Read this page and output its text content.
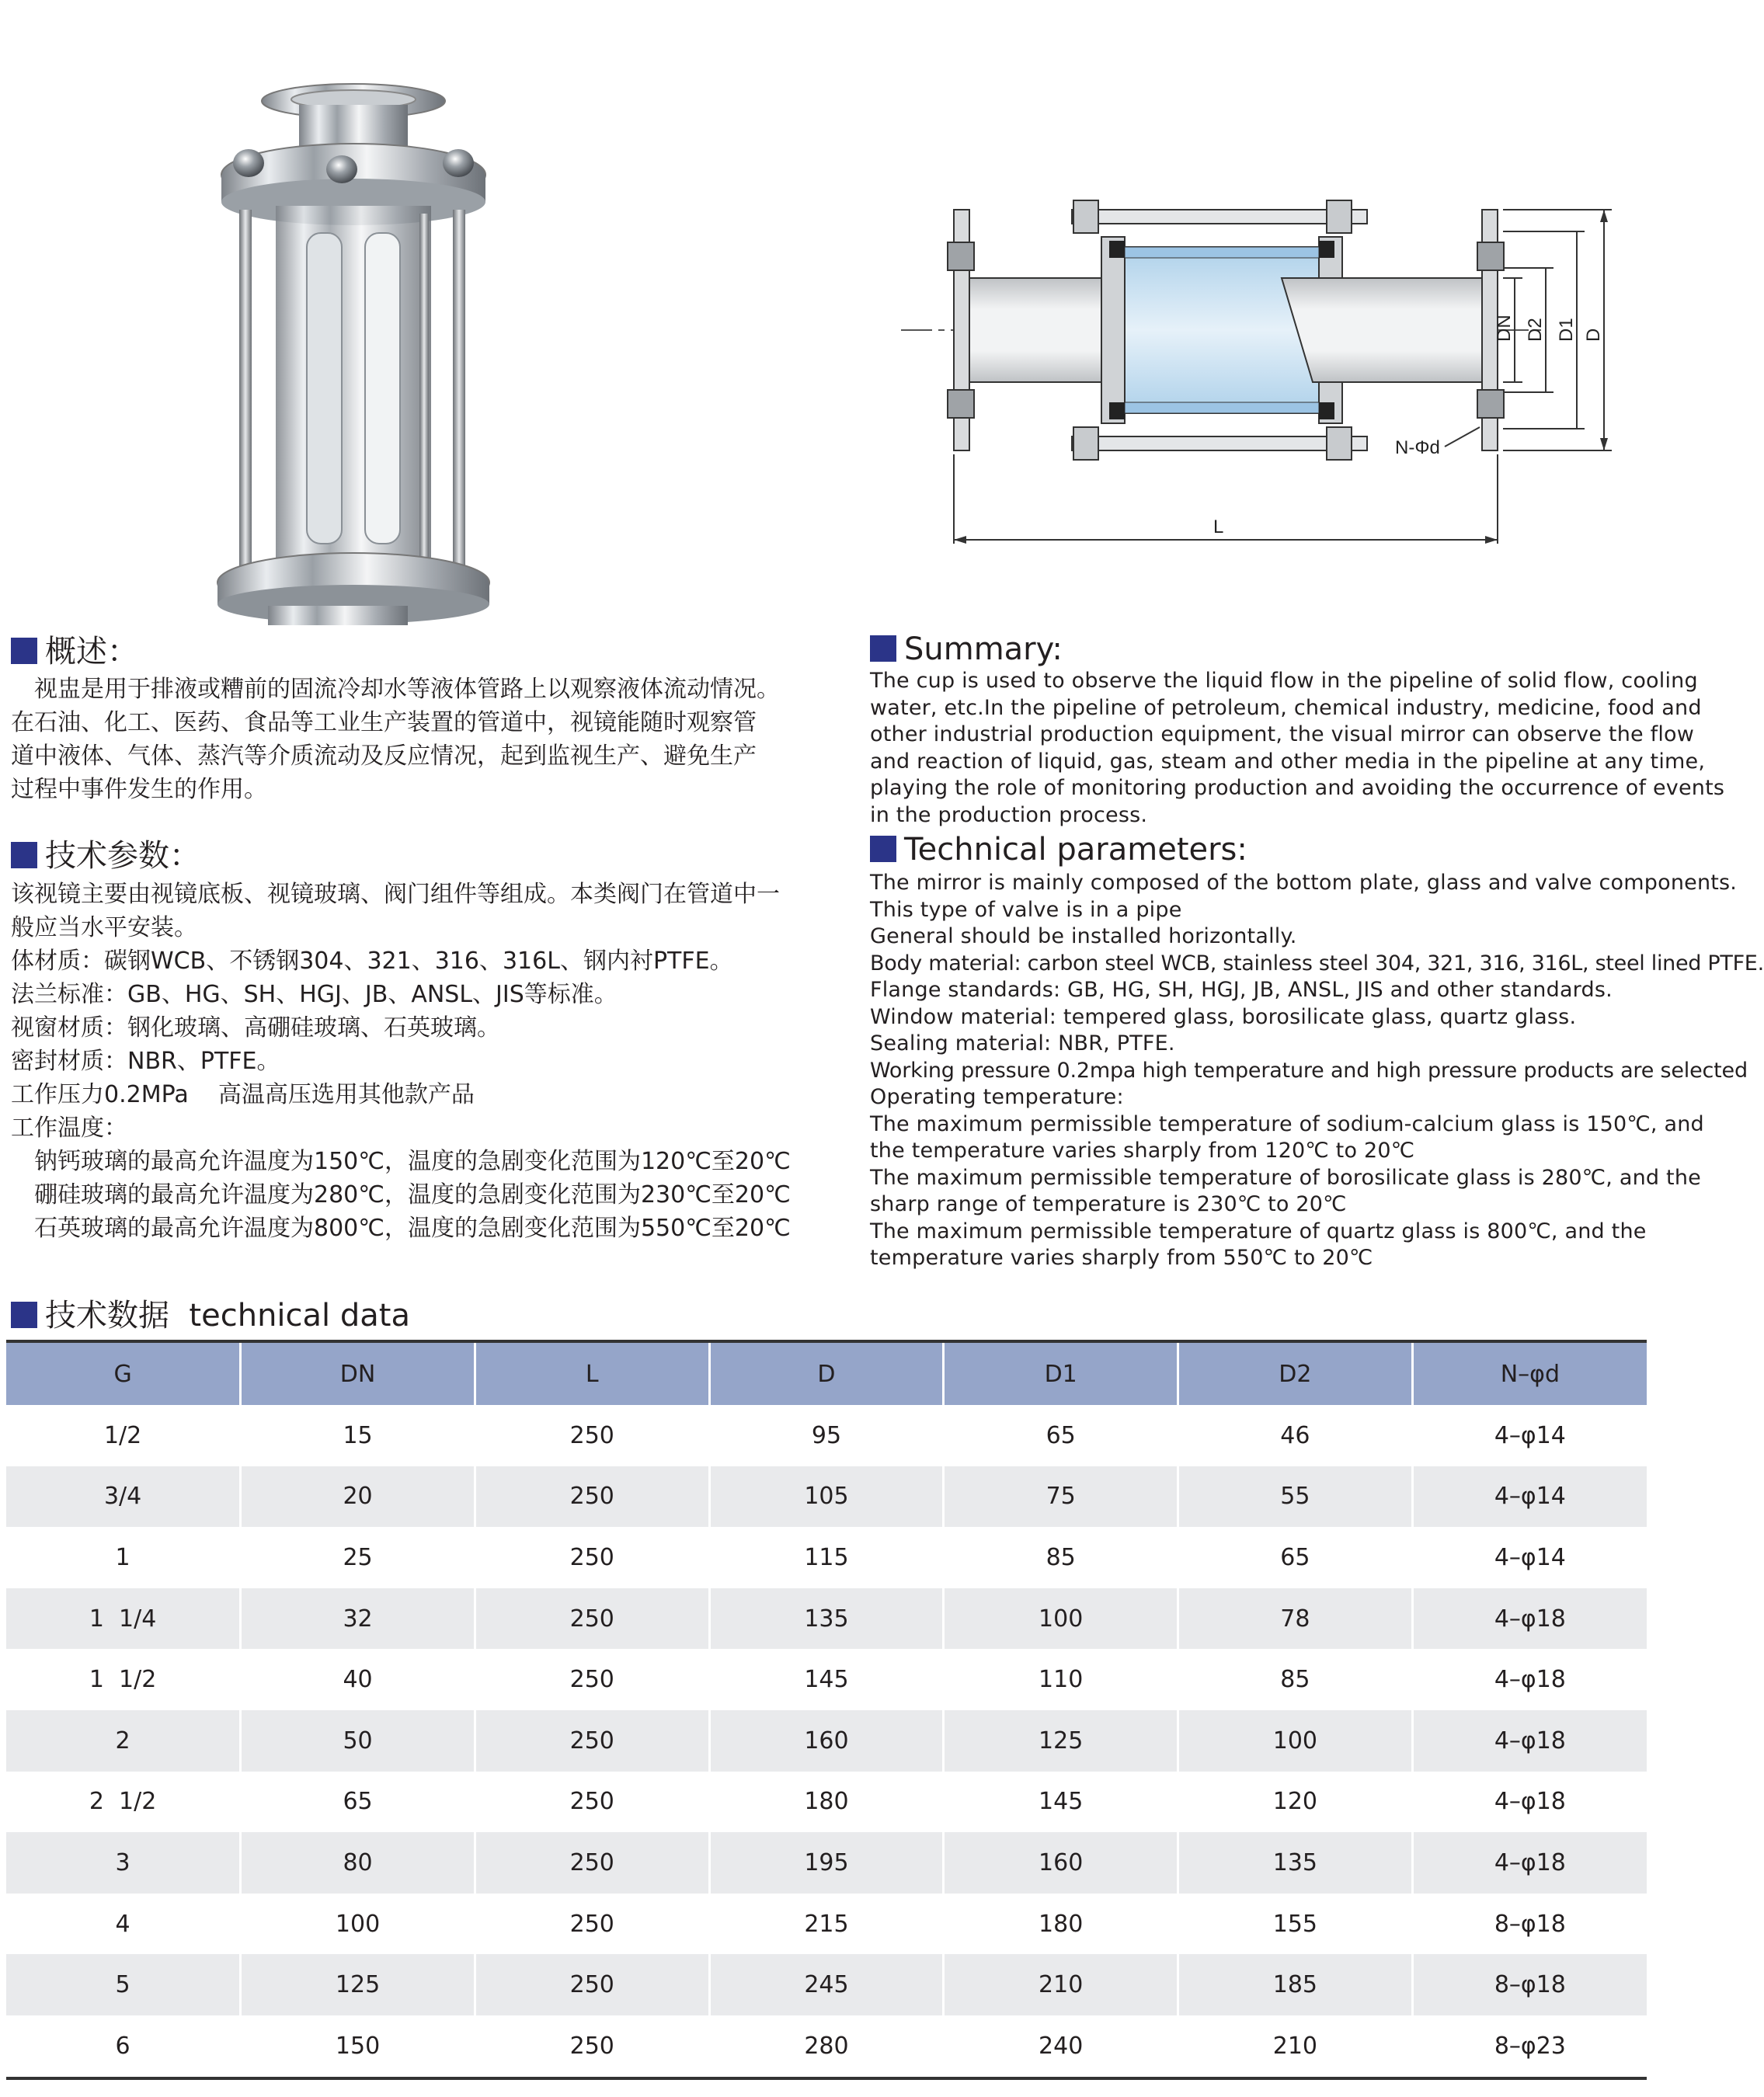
DN D2 D1 D
N-Φd
L
概述：
视盅是用于排液或糟前的固流冷却水等液体管路上以观察液体流动情况。
在石油、化工、医药、食品等工业生产装置的管道中，视镜能随时观察管
道中液体、气体、蒸汽等介质流动及反应情况，起到监视生产、避免生产
过程中事件发生的作用。
技术参数：
该视镜主要由视镜底板、视镜玻璃、阀门组件等组成。本类阀门在管道中一
般应当水平安装。
体材质：碳钢WCB、不锈钢304、321、316、316L、钢内衬PTFE。
法兰标准：GB、HG、SH、HGJ、JB、ANSL、JIS等标准。
视窗材质：钢化玻璃、高硼硅玻璃、石英玻璃。
密封材质：NBR、PTFE。
工作压力0.2MPa    高温高压选用其他款产品
工作温度：
钠钙玻璃的最高允许温度为150℃，温度的急剧变化范围为120℃至20℃
硼硅玻璃的最高允许温度为280℃，温度的急剧变化范围为230℃至20℃
石英玻璃的最高允许温度为800℃，温度的急剧变化范围为550℃至20℃
Summary:
The cup is used to observe the liquid flow in the pipeline of solid flow, cooling
water, etc.In the pipeline of petroleum, chemical industry, medicine, food and
other industrial production equipment, the visual mirror can observe the flow
and reaction of liquid, gas, steam and other media in the pipeline at any time,
playing the role of monitoring production and avoiding the occurrence of events
in the production process.
Technical parameters:
The mirror is mainly composed of the bottom plate, glass and valve components.
This type of valve is in a pipe
General should be installed horizontally.
Body material: carbon steel WCB, stainless steel 304, 321, 316, 316L, steel lined PTFE.
Flange standards: GB, HG, SH, HGJ, JB, ANSL, JIS and other standards.
Window material: tempered glass, borosilicate glass, quartz glass.
Sealing material: NBR, PTFE.
Working pressure 0.2mpa high temperature and high pressure products are selected
Operating temperature:
The maximum permissible temperature of sodium-calcium glass is 150℃, and
the temperature varies sharply from 120℃ to 20℃
The maximum permissible temperature of borosilicate glass is 280℃, and the
sharp range of temperature is 230℃ to 20℃
The maximum permissible temperature of quartz glass is 800℃, and the
temperature varies sharply from 550℃ to 20℃
技术数据  technical data
G	DN	L	D	D1	D2	N–φd
1/2	15	250	95	65	46	4–φ14
3/4	20	250	105	75	55	4–φ14
1	25	250	115	85	65	4–φ14
1  1/4	32	250	135	100	78	4–φ18
1  1/2	40	250	145	110	85	4–φ18
2	50	250	160	125	100	4–φ18
2  1/2	65	250	180	145	120	4–φ18
3	80	250	195	160	135	4–φ18
4	100	250	215	180	155	8–φ18
5	125	250	245	210	185	8–φ18
6	150	250	280	240	210	8–φ23
